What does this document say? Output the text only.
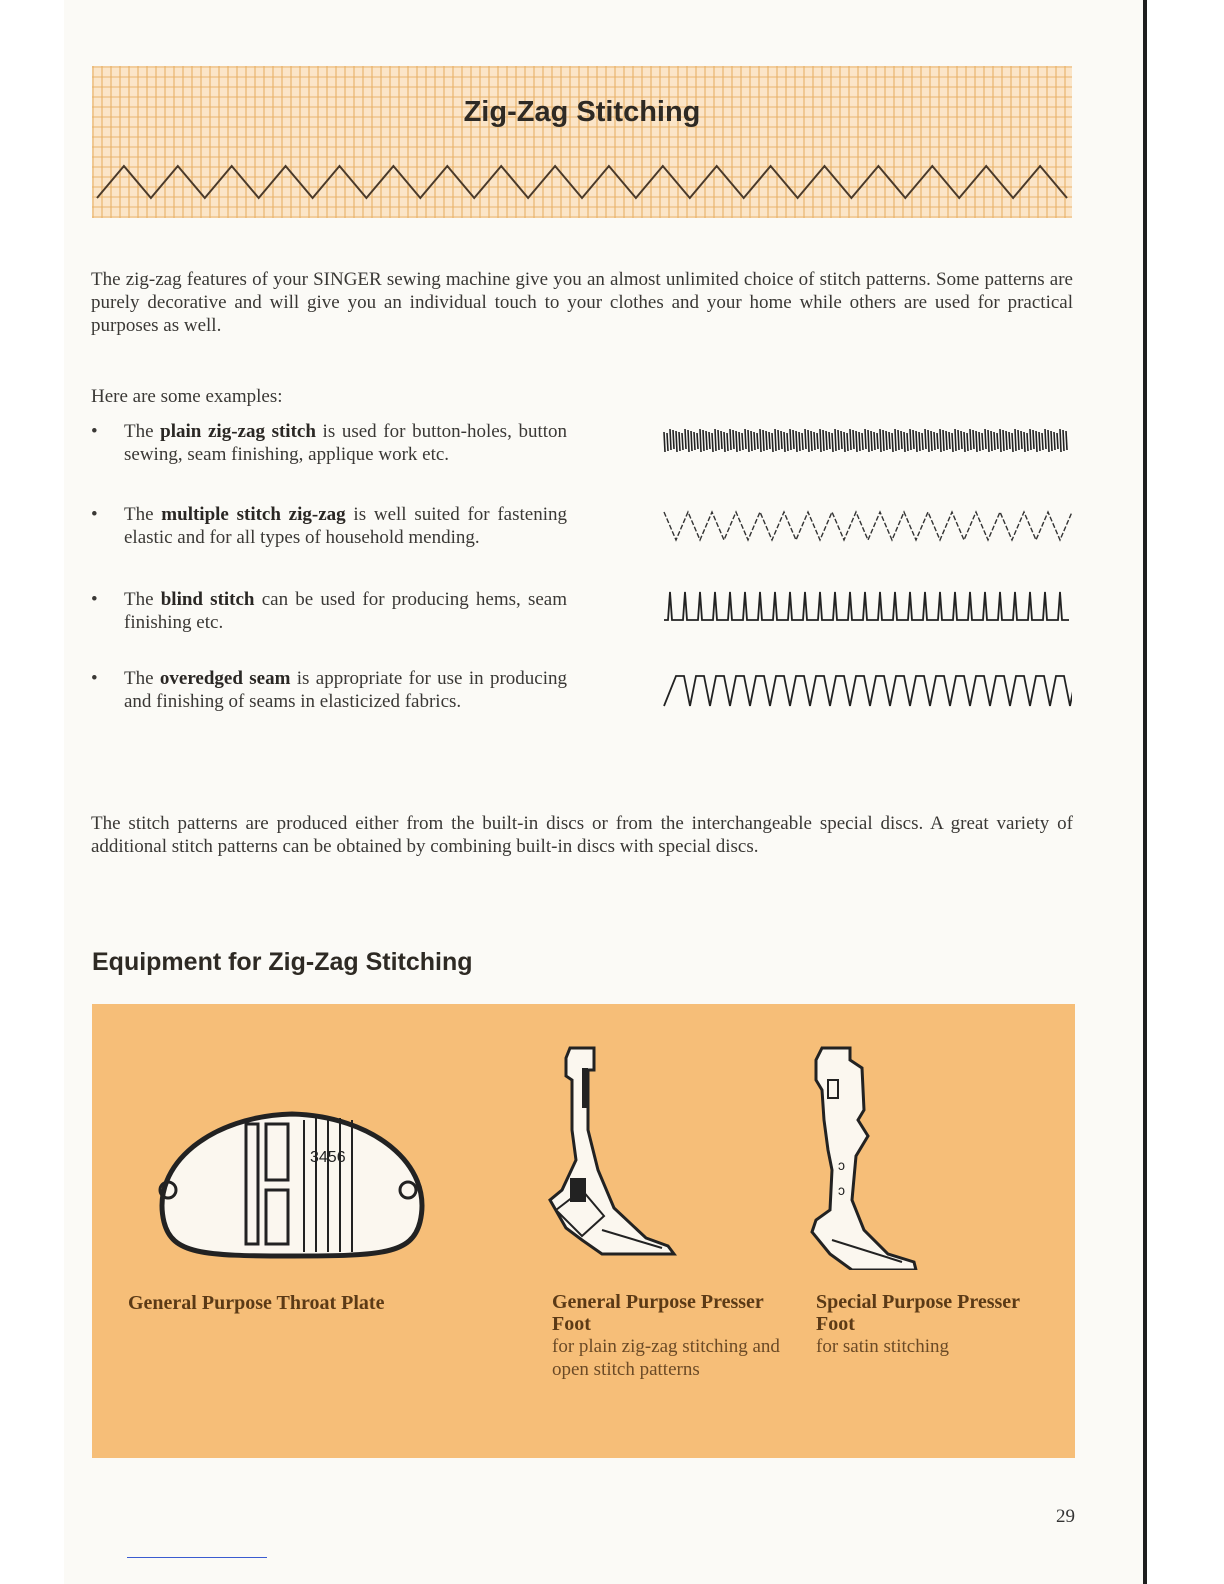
Zig-Zag Stitching

The zig-zag features of your SINGER sewing machine give you an almost unlimited choice of stitch patterns. Some patterns are purely decorative and will give you an individual touch to your clothes and your home while others are used for practical purposes as well.

Here are some examples:

• The plain zig-zag stitch is used for button-holes, button sewing, seam finishing, applique work etc.
• The multiple stitch zig-zag is well suited for fastening elastic and for all types of household mending.
• The blind stitch can be used for producing hems, seam finishing etc.
• The overedged seam is appropriate for use in producing and finishing of seams in elasticized fabrics.

The stitch patterns are produced either from the built-in discs or from the interchangeable special discs. A great variety of additional stitch patterns can be obtained by combining built-in discs with special discs.

Equipment for Zig-Zag Stitching
3456	ɔ
ɔ
General Purpose Throat Plate	General Purpose Presser Foot
for plain zig-zag stitching and open stitch patterns
Special Purpose Presser Foot
for satin stitching
29
